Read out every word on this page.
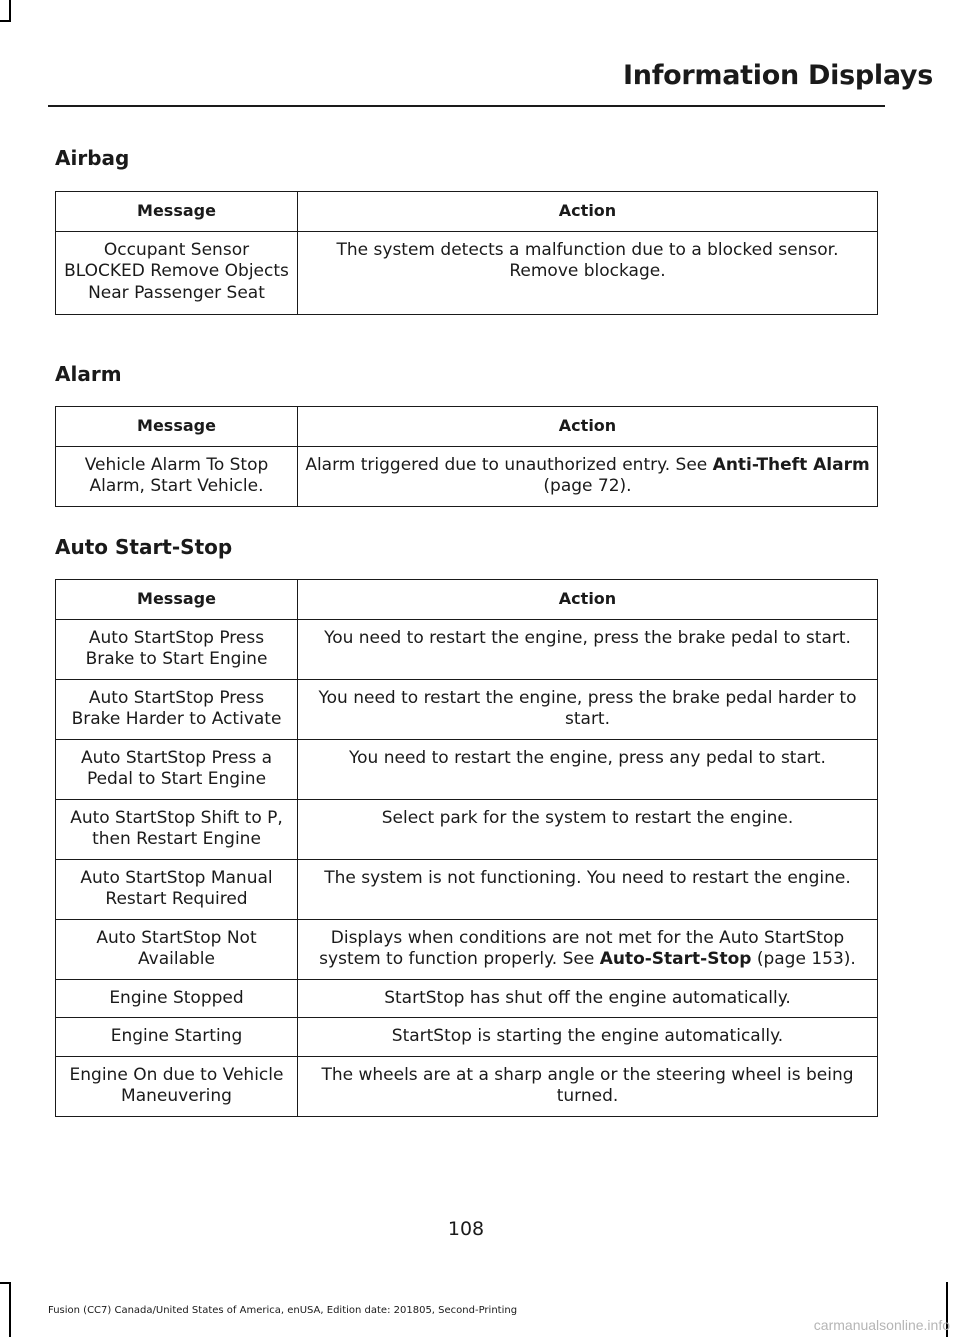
Information Displays
Airbag
Message	Action
Occupant Sensor BLOCKED Remove Objects Near Passenger Seat	The system detects a malfunction due to a blocked sensor. Remove blockage.
Alarm
Message	Action
Vehicle Alarm To Stop Alarm, Start Vehicle.	Alarm triggered due to unauthorized entry. See Anti-Theft Alarm (page 72).
Auto Start-Stop
Message	Action
Auto StartStop Press Brake to Start Engine	You need to restart the engine, press the brake pedal to start.
Auto StartStop Press Brake Harder to Activate	You need to restart the engine, press the brake pedal harder to start.
Auto StartStop Press a Pedal to Start Engine	You need to restart the engine, press any pedal to start.
Auto StartStop Shift to P, then Restart Engine	Select park for the system to restart the engine.
Auto StartStop Manual Restart Required	The system is not functioning. You need to restart the engine.
Auto StartStop Not Available	Displays when conditions are not met for the Auto StartStop system to function properly. See Auto-Start-Stop (page 153).
Engine Stopped	StartStop has shut off the engine automatically.
Engine Starting	StartStop is starting the engine automatically.
Engine On due to Vehicle Maneuvering	The wheels are at a sharp angle or the steering wheel is being turned.
108
Fusion (CC7) Canada/United States of America, enUSA, Edition date: 201805, Second-Printing
carmanualsonline.info
